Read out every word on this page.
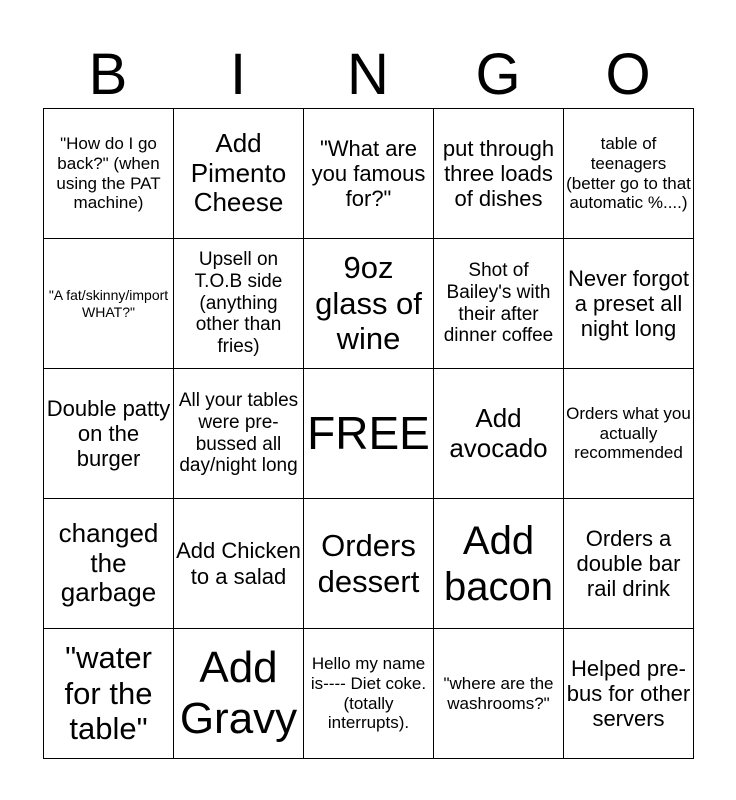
B	I	N	G	O
"How do I go back?" (when using the PAT machine)	Add Pimento Cheese	"What are you famous for?"	put through three loads of dishes	table of teenagers (better go to that automatic %....)

"A fat/skinny/import WHAT?"	Upsell on T.O.B side (anything other than fries)	9oz glass of wine	Shot of Bailey's with their after dinner coffee	Never forgot a preset all night long

Double patty on the burger	All your tables were pre-bussed all day/night long	FREE	Add avocado	Orders what you actually recommended

changed the garbage	Add Chicken to a salad	Orders dessert	Add bacon	Orders a double bar rail drink

"water for the table"	Add Gravy	Hello my name is---- Diet coke. (totally interrupts).	"where are the washrooms?"	Helped pre-bus for other servers
